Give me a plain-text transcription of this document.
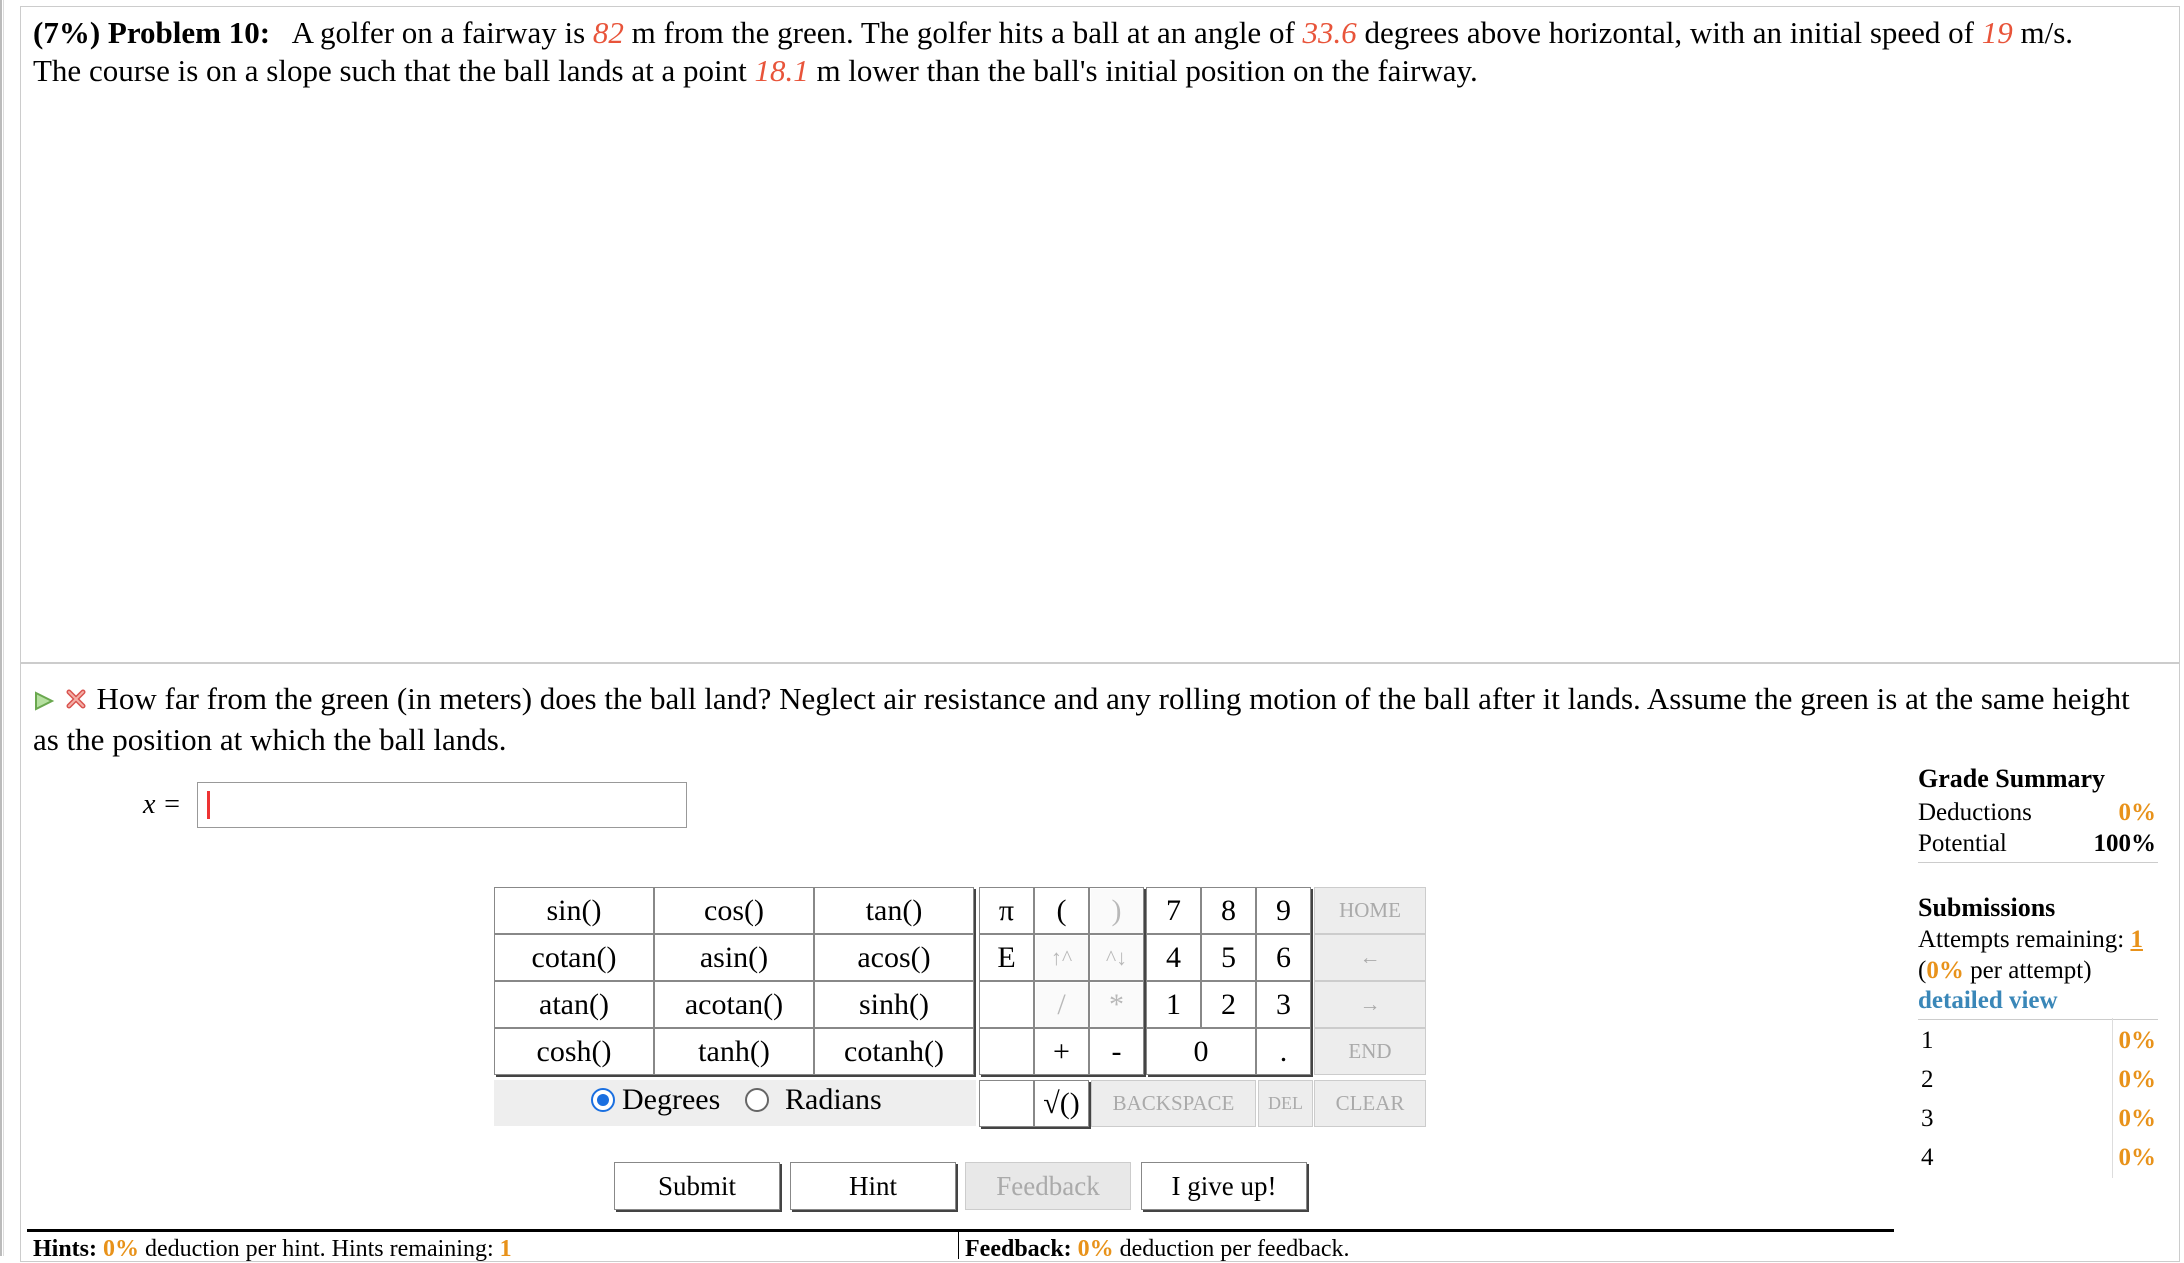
(7%) Problem 10: A golfer on a fairway is 82 m from the green. The golfer hits a ball at an angle of 33.6 degrees above horizontal, with an initial speed of 19 m/s.
The course is on a slope such that the ball lands at a point 18.1 m lower than the ball's initial position on the fairway.
How far from the green (in meters) does the ball land? Neglect air resistance and any rolling motion of the ball after it lands. Assume the green is at the same height as the position at which the ball lands.
x =
sin()	cos()	tan()
cotan()	asin()	acos()
atan()	acotan()	sinh()
cosh()	tanh()	cotanh()
Degrees Radians
π
E
(	)
↑^	^↓
/	*
+	-
√()
7	8	9
4	5	6
1	2	3
0	.
BACKSPACE	DEL
HOME
←
→
END
CLEAR
Submit	Hint	Feedback	I give up!
Grade Summary
Deductions	0%
Potential	100%
Submissions
Attempts remaining: 1
(0% per attempt)
detailed view
1	0%
2	0%
3	0%
4	0%
Hints: 0% deduction per hint. Hints remaining: 1	Feedback: 0% deduction per feedback.
